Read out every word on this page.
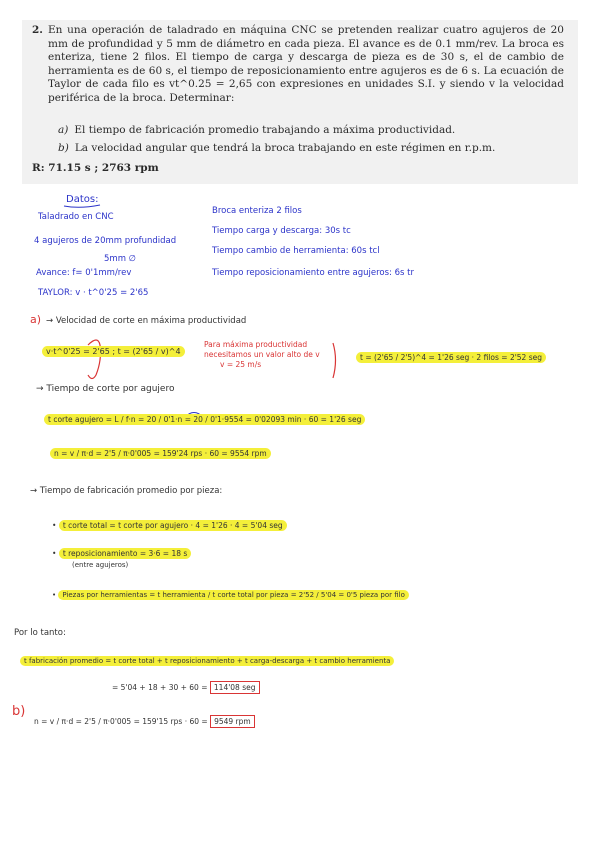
2. En una operación de taladrado en máquina CNC se pretenden realizar cuatro agujeros de 20 mm de profundidad y 5 mm de diámetro en cada pieza. El avance es de 0.1 mm/rev. La broca es enteriza, tiene 2 filos. El tiempo de carga y descarga de pieza es de 30 s, el de cambio de herramienta es de 60 s, el tiempo de reposicionamiento entre agujeros es de 6 s. La ecuación de Taylor de cada filo es vt^0.25 = 2,65 con expresiones en unidades S.I. y siendo v la velocidad periférica de la broca. Determinar:
a) El tiempo de fabricación promedio trabajando a máxima productividad.
b) La velocidad angular que tendrá la broca trabajando en este régimen en r.p.m.
R: 71.15 s ; 2763 rpm
Datos:
Taladrado en CNC
4 agujeros de 20mm profundidad
5mm ∅
Avance: f= 0'1mm/rev
TAYLOR: v · t^0'25 = 2'65
Broca enteriza 2 filos
Tiempo carga y descarga: 30s tc
Tiempo cambio de herramienta: 60s tcl
Tiempo reposicionamiento entre agujeros: 6s tr
a) → Velocidad de corte en máxima productividad
v·t^0'25 = 2'65 ; t = (2'65 / v)^4
Para máxima productividad
necesitamos un valor alto de v
v = 25 m/s
t = (2'65 / 2'5)^4 = 1'26 seg · 2 filos = 2'52 seg
→ Tiempo de corte por agujero
t corte agujero = L / f·n = 20 / 0'1·n = 20 / 0'1·9554 = 0'02093 min · 60 = 1'26 seg
n = v / π·d = 2'5 / π·0'005 = 159'24 rps · 60 = 9554 rpm
→ Tiempo de fabricación promedio por pieza:
• t corte total = t corte por agujero · 4 = 1'26 · 4 = 5'04 seg
• t reposicionamiento = 3·6 = 18 s
(entre agujeros)
• Piezas por herramientas = t herramienta / t corte total por pieza = 2'52 / 5'04 = 0'5 pieza por filo
Por lo tanto:
t fabricación promedio = t corte total + t reposicionamiento + t carga-descarga + t cambio herramienta
= 5'04 + 18 + 30 + 60 = 114'08 seg
b)
n = v / π·d = 2'5 / π·0'005 = 159'15 rps · 60 = 9549 rpm
